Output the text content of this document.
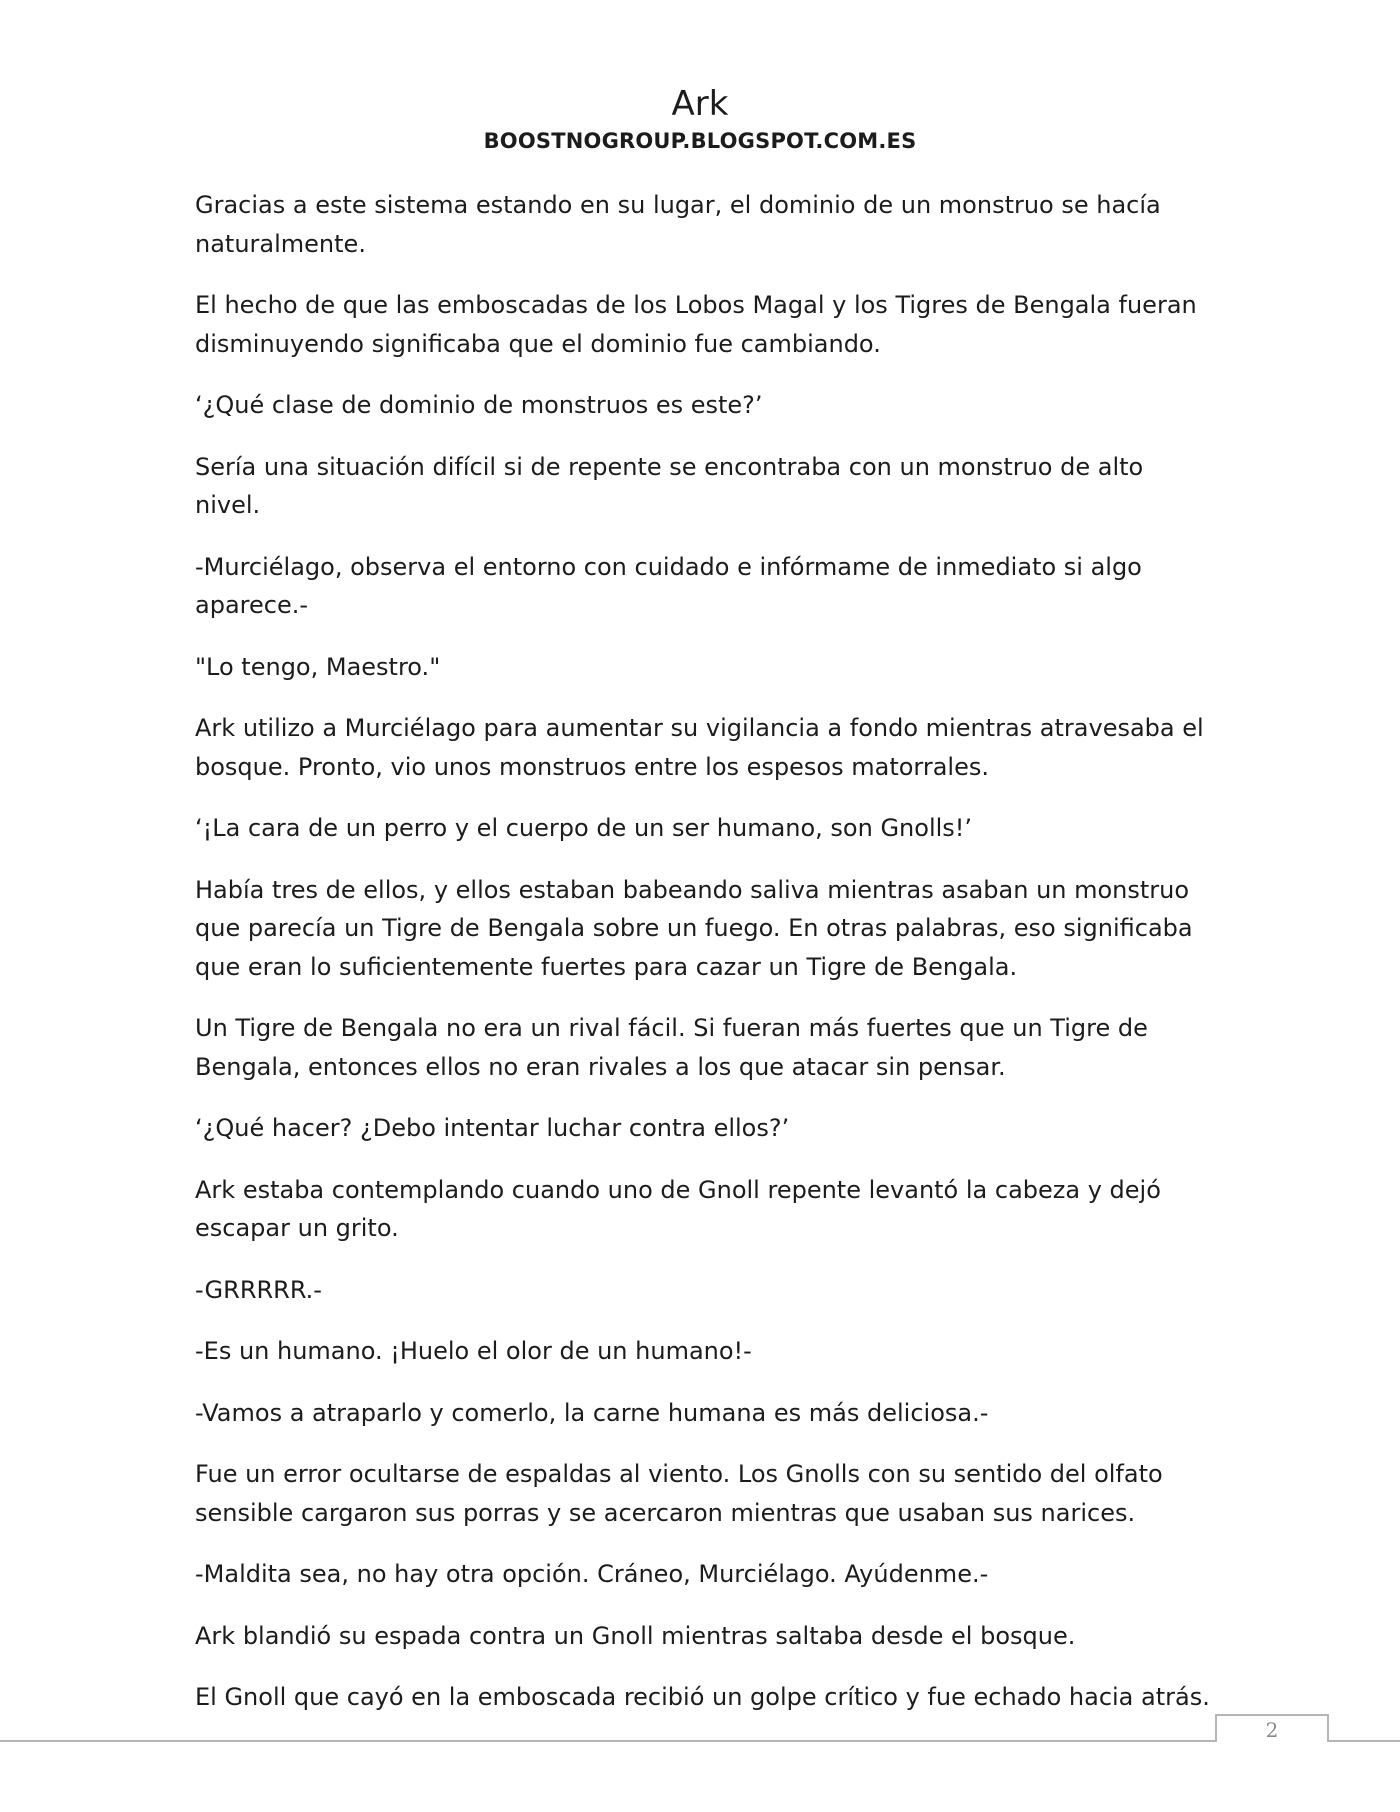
Ark
BOOSTNOGROUP.BLOGSPOT.COM.ES

Gracias a este sistema estando en su lugar, el dominio de un monstruo se hacía naturalmente.

El hecho de que las emboscadas de los Lobos Magal y los Tigres de Bengala fueran disminuyendo significaba que el dominio fue cambiando.

‘¿Qué clase de dominio de monstruos es este?’

Sería una situación difícil si de repente se encontraba con un monstruo de alto nivel.

-Murciélago, observa el entorno con cuidado e infórmame de inmediato si algo aparece.-

"Lo tengo, Maestro."

Ark utilizo a Murciélago para aumentar su vigilancia a fondo mientras atravesaba el bosque. Pronto, vio unos monstruos entre los espesos matorrales.

‘¡La cara de un perro y el cuerpo de un ser humano, son Gnolls!’

Había tres de ellos, y ellos estaban babeando saliva mientras asaban un monstruo que parecía un Tigre de Bengala sobre un fuego. En otras palabras, eso significaba que eran lo suficientemente fuertes para cazar un Tigre de Bengala.

Un Tigre de Bengala no era un rival fácil. Si fueran más fuertes que un Tigre de Bengala, entonces ellos no eran rivales a los que atacar sin pensar.

‘¿Qué hacer? ¿Debo intentar luchar contra ellos?’

Ark estaba contemplando cuando uno de Gnoll repente levantó la cabeza y dejó escapar un grito.

-GRRRRR.-

-Es un humano. ¡Huelo el olor de un humano!-

-Vamos a atraparlo y comerlo, la carne humana es más deliciosa.-

Fue un error ocultarse de espaldas al viento. Los Gnolls con su sentido del olfato sensible cargaron sus porras y se acercaron mientras que usaban sus narices.

-Maldita sea, no hay otra opción. Cráneo, Murciélago. Ayúdenme.-

Ark blandió su espada contra un Gnoll mientras saltaba desde el bosque.

El Gnoll que cayó en la emboscada recibió un golpe crítico y fue echado hacia atrás.

2
